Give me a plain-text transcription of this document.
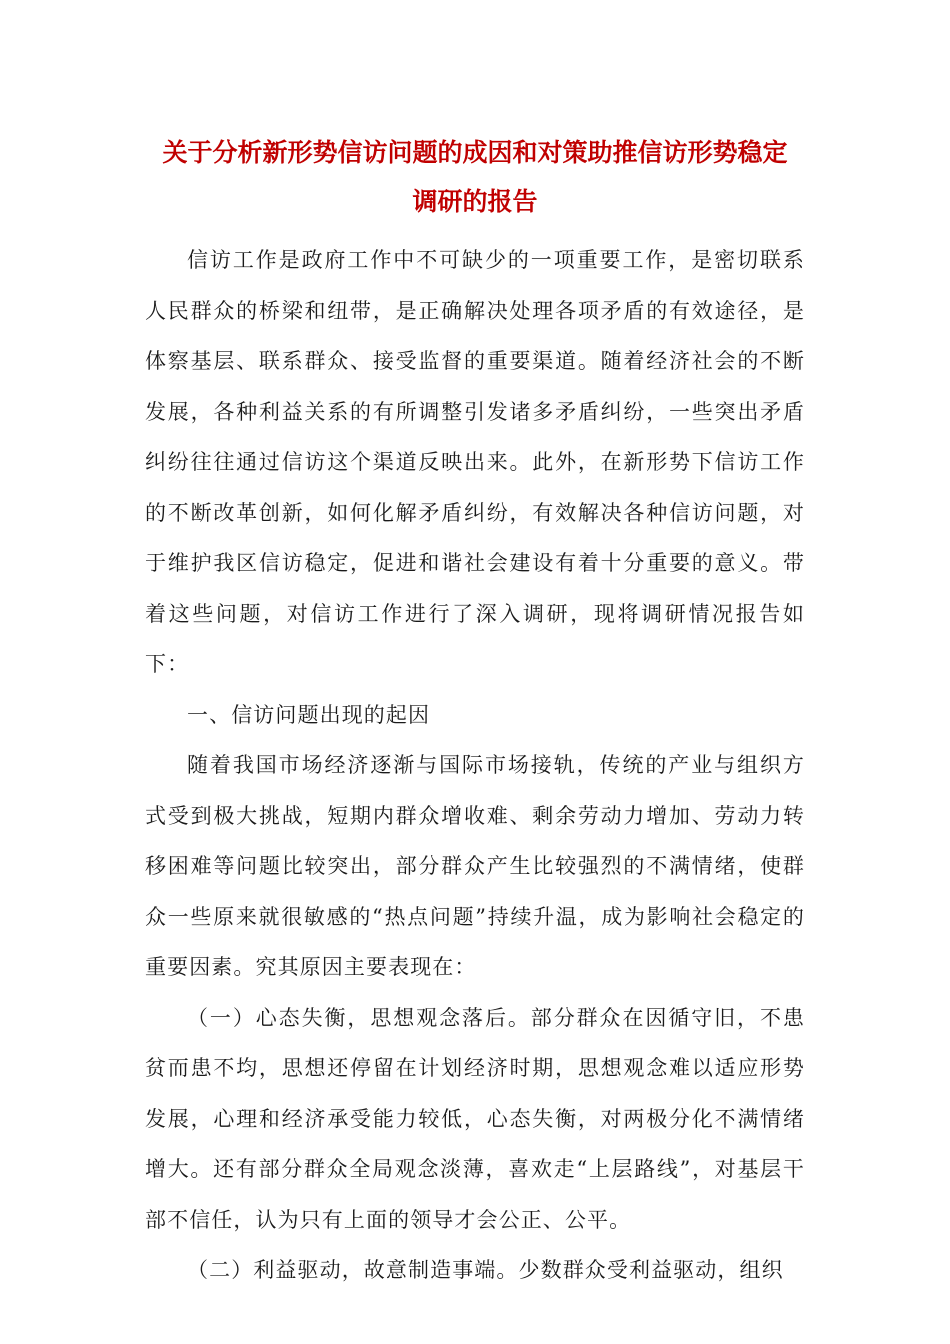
关于分析新形势信访问题的成因和对策助推信访形势稳定
调研的报告

信访工作是政府工作中不可缺少的一项重要工作，是密切联系人民群众的桥梁和纽带，是正确解决处理各项矛盾的有效途径，是体察基层、联系群众、接受监督的重要渠道。随着经济社会的不断发展，各种利益关系的有所调整引发诸多矛盾纠纷，一些突出矛盾纠纷往往通过信访这个渠道反映出来。此外，在新形势下信访工作的不断改革创新，如何化解矛盾纠纷，有效解决各种信访问题，对于维护我区信访稳定，促进和谐社会建设有着十分重要的意义。带着这些问题，对信访工作进行了深入调研，现将调研情况报告如下：

一、信访问题出现的起因

随着我国市场经济逐渐与国际市场接轨，传统的产业与组织方式受到极大挑战，短期内群众增收难、剩余劳动力增加、劳动力转移困难等问题比较突出，部分群众产生比较强烈的不满情绪，使群众一些原来就很敏感的“热点问题”持续升温，成为影响社会稳定的重要因素。究其原因主要表现在：

（一）心态失衡，思想观念落后。部分群众在因循守旧，不患贫而患不均，思想还停留在计划经济时期，思想观念难以适应形势发展，心理和经济承受能力较低，心态失衡，对两极分化不满情绪增大。还有部分群众全局观念淡薄，喜欢走“上层路线”，对基层干部不信任，认为只有上面的领导才会公正、公平。

（二）利益驱动，故意制造事端。少数群众受利益驱动，组织
